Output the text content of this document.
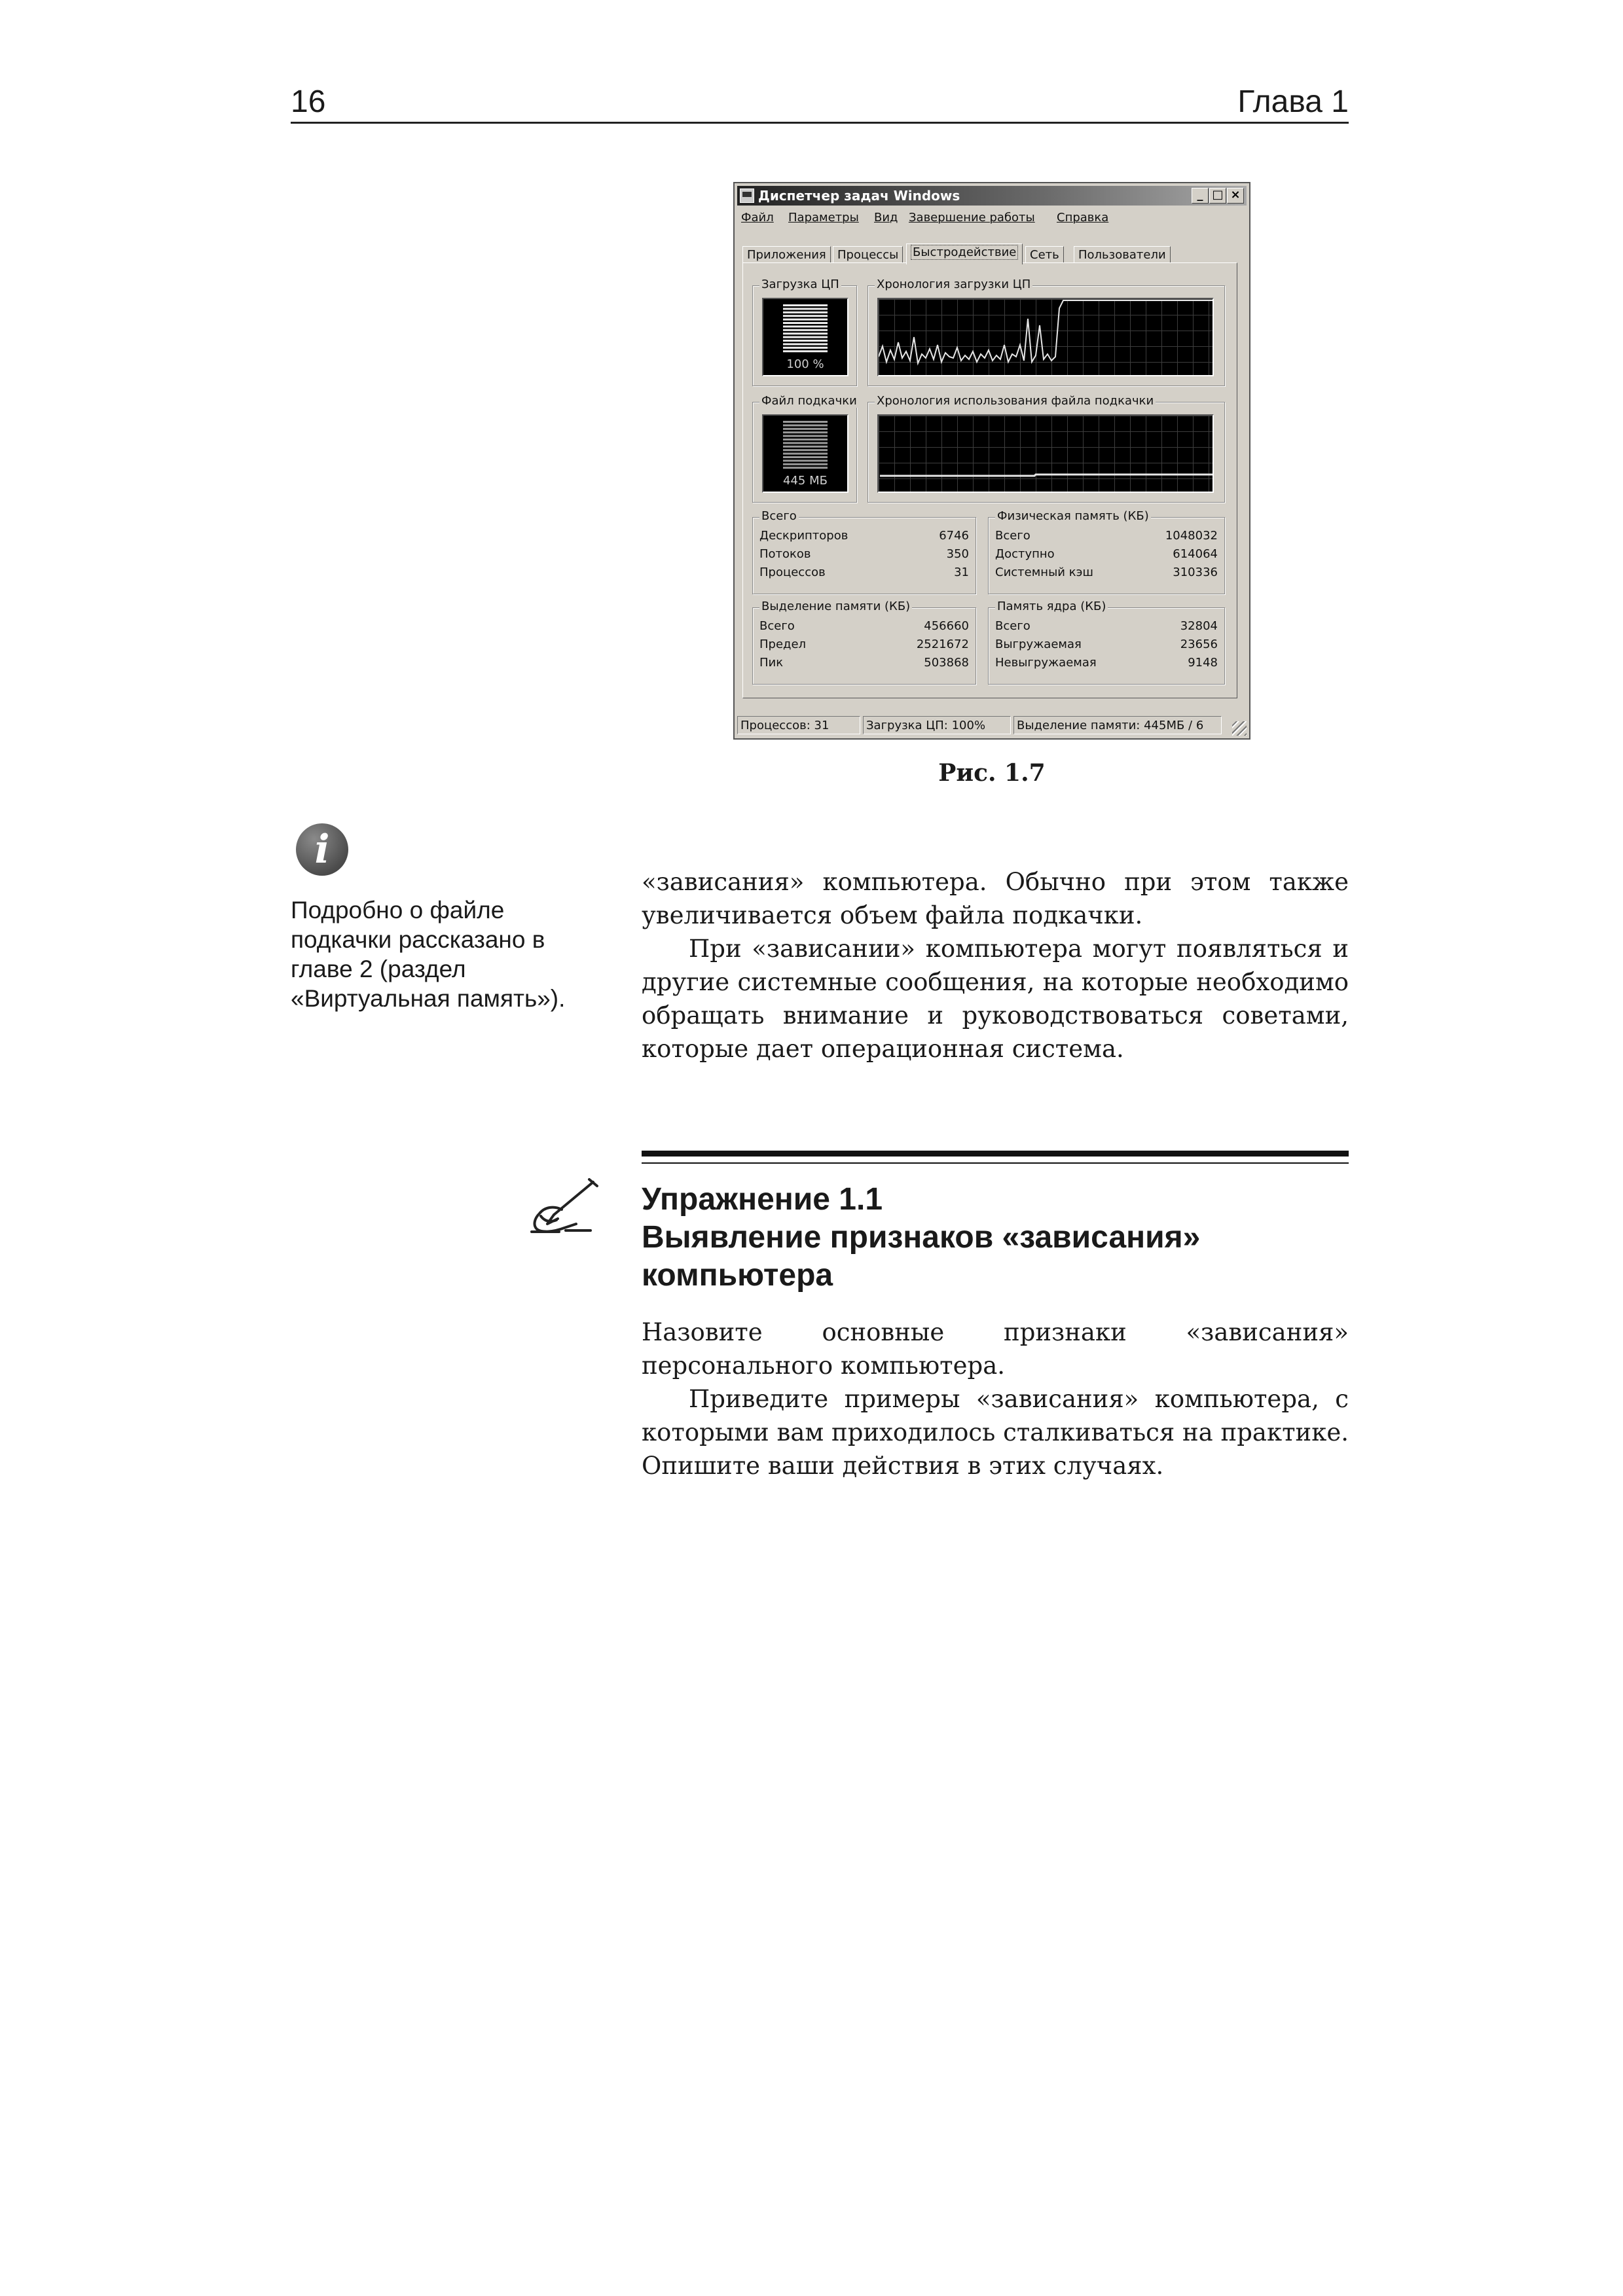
16	Глава 1
Диспетчер задач Windows	_ □ ×
Файл Параметры Вид Завершение работы Справка
Приложения Процессы	Быстродействие	Сеть	Пользователи
Загрузка ЦП
100 %
Хронология загрузки ЦП
Файл подкачки
445 МБ
Хронология использования файла подкачки
Всего
Дескрипторов	6746
Потоков	350
Процессов	31
Физическая память (КБ)
Всего	1048032
Доступно	614064
Системный кэш	310336
Выделение памяти (КБ)
Всего	456660
Предел	2521672
Пик	503868
Память ядра (КБ)
Всего	32804
Выгружаемая	23656
Невыгружаемая	9148
Процессов: 31	Загрузка ЦП: 100%	Выделение памяти: 445МБ / 6
Рис. 1.7
i
Подробно о файле подкачки рассказано в главе 2 (раздел «Виртуальная память»).

«зависания» компьютера. Обычно при этом также увеличивается объем файла подкачки.

При «зависании» компьютера могут появляться и другие системные сообщения, на которые необходимо обращать внимание и руководствоваться советами, которые дает операционная система.

Упражнение 1.1
Выявление признаков «зависания» компьютера

Назовите основные признаки «зависания» персонального компьютера.

Приведите примеры «зависания» компьютера, с которыми вам приходилось сталкиваться на практике. Опишите ваши действия в этих случаях.
